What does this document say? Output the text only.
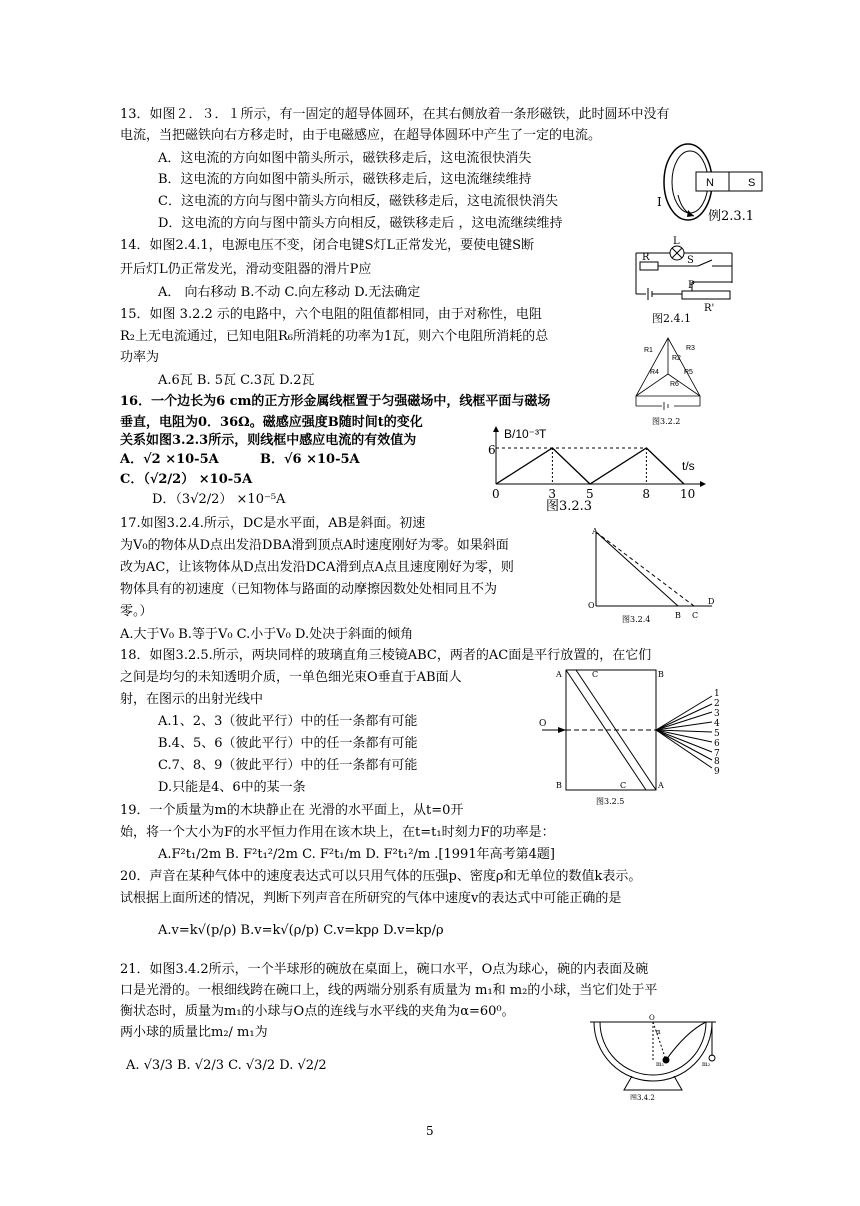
13．如图２．３．１所示，有一固定的超导体圆环，在其右侧放着一条形磁铁，此时圆环中没有
电流，当把磁铁向右方移走时，由于电磁感应，在超导体圆环中产生了一定的电流。
A．这电流的方向如图中箭头所示，磁铁移走后，这电流很快消失
B．这电流的方向如图中箭头所示，磁铁移走后，这电流继续维持
C．这电流的方向与图中箭头方向相反，磁铁移走后，这电流很快消失
D．这电流的方向与图中箭头方向相反，磁铁移走后 ，这电流继续维持
N	S
I
例2.3.1
14．如图2.4.1，电源电压不变，闭合电键S灯L正常发光，要使电键S断
开后灯L仍正常发光，滑动变阻器的滑片P应
A． 向右移动 B.不动 C.向左移动 D.无法确定
L
R	S
P
R'
图2.4.1
15．如图 3.2.2 示的电路中，六个电阻的阻值都相同，由于对称性，电阻
R₂上无电流通过，已知电阻R₆所消耗的功率为1瓦，则六个电阻所消耗的总
功率为
A.6瓦 B. 5瓦 C.3瓦 D.2瓦
R1
R2
R3
R4	R5
R6
图3.2.2
16．一个边长为6 cm的正方形金属线框置于匀强磁场中，线框平面与磁场
垂直，电阻为0．36Ω。磁感应强度B随时间t的变化
关系如图3.2.3所示，则线框中感应电流的有效值为
A．√2 ×10-5A	B．√6 ×10-5A
C．（√2/2） ×10-5A
D．（3√2/2） ×10⁻⁵A
B/10⁻³T
t/s
6
图3.2.3
0	3 5	8 10
17.如图3.2.4.所示，DC是水平面，AB是斜面。初速
为V₀的物体从D点出发沿DBA滑到顶点A时速度刚好为零。如果斜面
改为AC，让该物体从D点出发沿DCA滑到点A点且速度刚好为零，则
物体具有的初速度（已知物体与路面的动摩擦因数处处相同且不为
零。）
A.大于V₀ B.等于V₀ C.小于V₀ D.处决于斜面的倾角
A
O
B C
D
图3.2.4
18．如图3.2.5.所示，两块同样的玻璃直角三棱镜ABC，两者的AC面是平行放置的，在它们
之间是均匀的未知透明介质，一单色细光束O垂直于AB面人
射，在图示的出射光线中
A.1、2、3（彼此平行）中的任一条都有可能
B.4、5、6（彼此平行）中的任一条都有可能
C.7、8、9（彼此平行）中的任一条都有可能
D.只能是4、6中的某一条
A	C	B
O
B	C	A
1
2
3
4
5
6
7
8
9
图3.2.5
19．一个质量为m的木块静止在 光滑的水平面上，从t=0开
始，将一个大小为F的水平恒力作用在该木块上，在t=t₁时刻力F的功率是：
A.F²t₁/2m B. F²t₁²/2m C. F²t₁/m D. F²t₁²/m .[1991年高考第4题]
20．声音在某种气体中的速度表达式可以只用气体的压强p、密度ρ和无单位的数值k表示。
试根据上面所述的情况，判断下列声音在所研究的气体中速度v的表达式中可能正确的是
A.v=k√(p/ρ) B.v=k√(ρ/p) C.v=kpρ D.v=kp/ρ
21．如图3.4.2所示，一个半球形的碗放在桌面上，碗口水平，O点为球心，碗的内表面及碗
口是光滑的。一根细线跨在碗口上，线的两端分别系有质量为 m₁和 m₂的小球，当它们处于平
衡状态时，质量为m₁的小球与O点的连线与水平线的夹角为α=60⁰。
两小球的质量比m₂/ m₁为
A. √3/3 B. √2/3 C. √3/2 D. √2/2
O
α
m₁	m₂
图3.4.2
5
